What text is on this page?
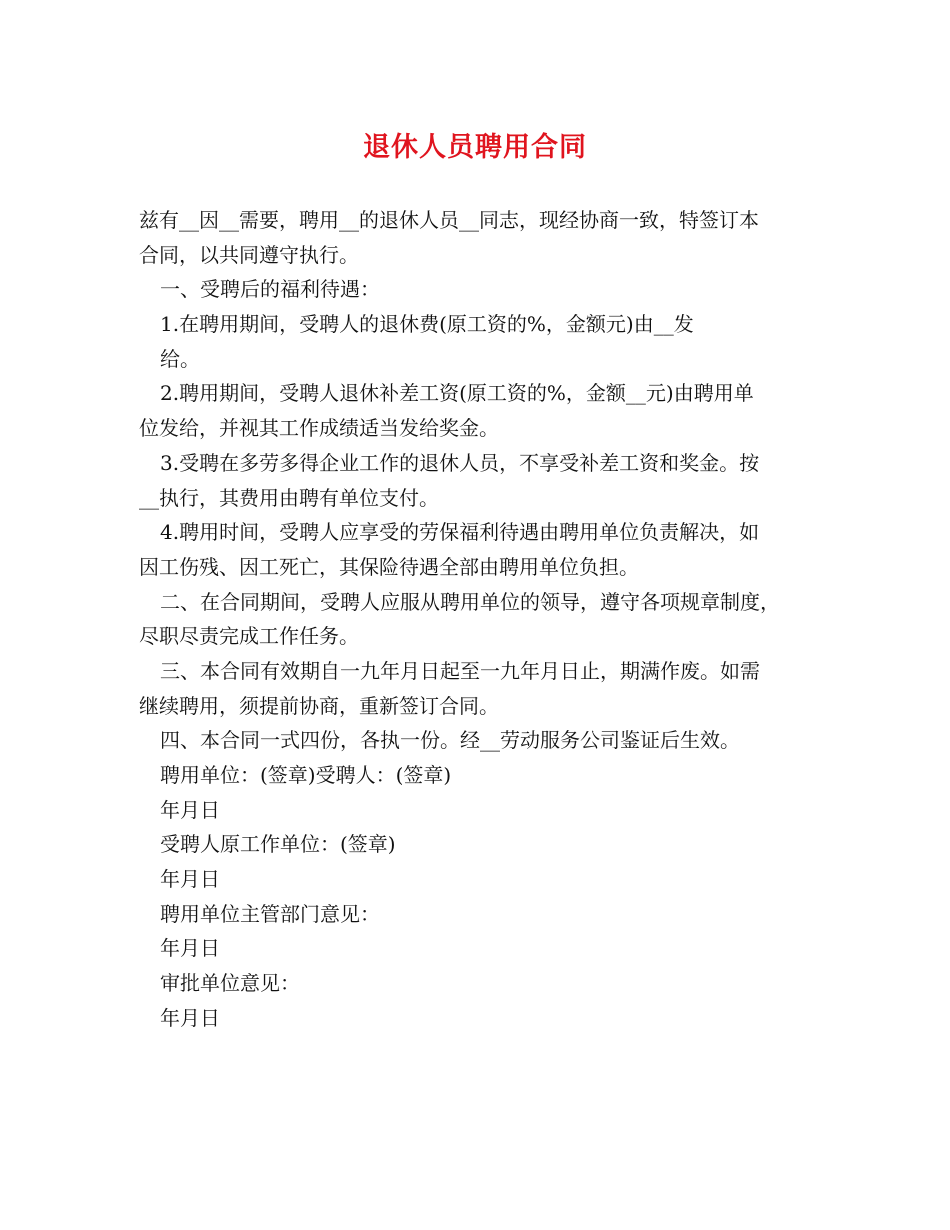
退休人员聘用合同
兹有__因__需要，聘用__的退休人员__同志，现经协商一致，特签订本
合同，以共同遵守执行。
一、受聘后的福利待遇：
1.在聘用期间，受聘人的退休费(原工资的%，金额元)由__发
给。
2.聘用期间，受聘人退休补差工资(原工资的%，金额__元)由聘用单
位发给，并视其工作成绩适当发给奖金。
3.受聘在多劳多得企业工作的退休人员，不享受补差工资和奖金。按
__执行，其费用由聘有单位支付。
4.聘用时间，受聘人应享受的劳保福利待遇由聘用单位负责解决，如
因工伤残、因工死亡，其保险待遇全部由聘用单位负担。
二、在合同期间，受聘人应服从聘用单位的领导，遵守各项规章制度，
尽职尽责完成工作任务。
三、本合同有效期自一九年月日起至一九年月日止，期满作废。如需
继续聘用，须提前协商，重新签订合同。
四、本合同一式四份，各执一份。经__劳动服务公司鉴证后生效。
聘用单位：(签章)受聘人：(签章)
年月日
受聘人原工作单位：(签章)
年月日
聘用单位主管部门意见：
年月日
审批单位意见：
年月日
